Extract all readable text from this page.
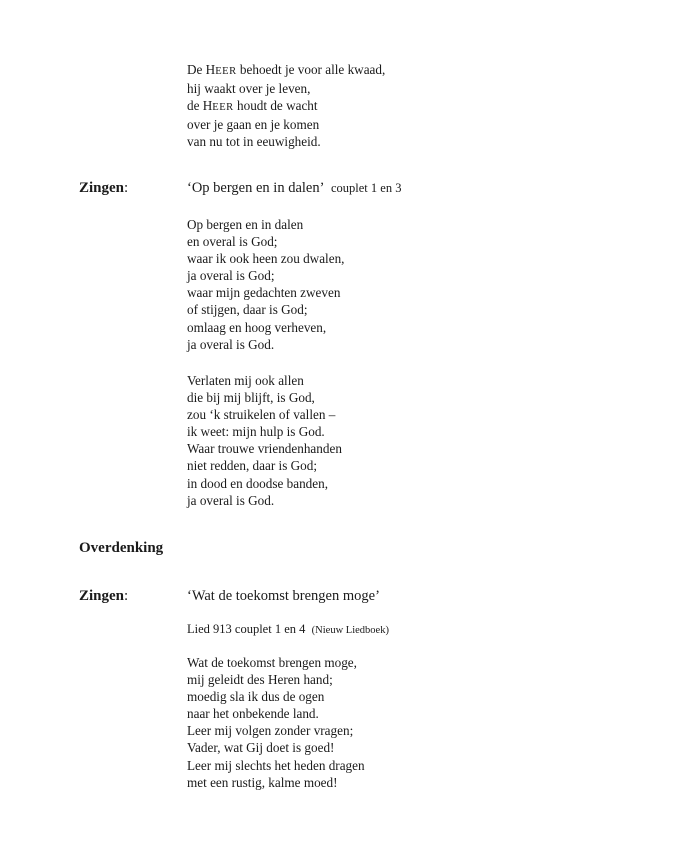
De HEER behoedt je voor alle kwaad,
hij waakt over je leven,
de HEER houdt de wacht
over je gaan en je komen
van nu tot in eeuwigheid.
Zingen:	‘Op bergen en in dalen’ couplet 1 en 3
Op bergen en in dalen
en overal is God;
waar ik ook heen zou dwalen,
ja overal is God;
waar mijn gedachten zweven
of stijgen, daar is God;
omlaag en hoog verheven,
ja overal is God.
Verlaten mij ook allen
die bij mij blijft, is God,
zou ‘k struikelen of vallen –
ik weet: mijn hulp is God.
Waar trouwe vriendenhanden
niet redden, daar is God;
in dood en doodse banden,
ja overal is God.
Overdenking
Zingen:	‘Wat de toekomst brengen moge’
Lied 913 couplet 1 en 4 (Nieuw Liedboek)
Wat de toekomst brengen moge,
mij geleidt des Heren hand;
moedig sla ik dus de ogen
naar het onbekende land.
Leer mij volgen zonder vragen;
Vader, wat Gij doet is goed!
Leer mij slechts het heden dragen
met een rustig, kalme moed!
